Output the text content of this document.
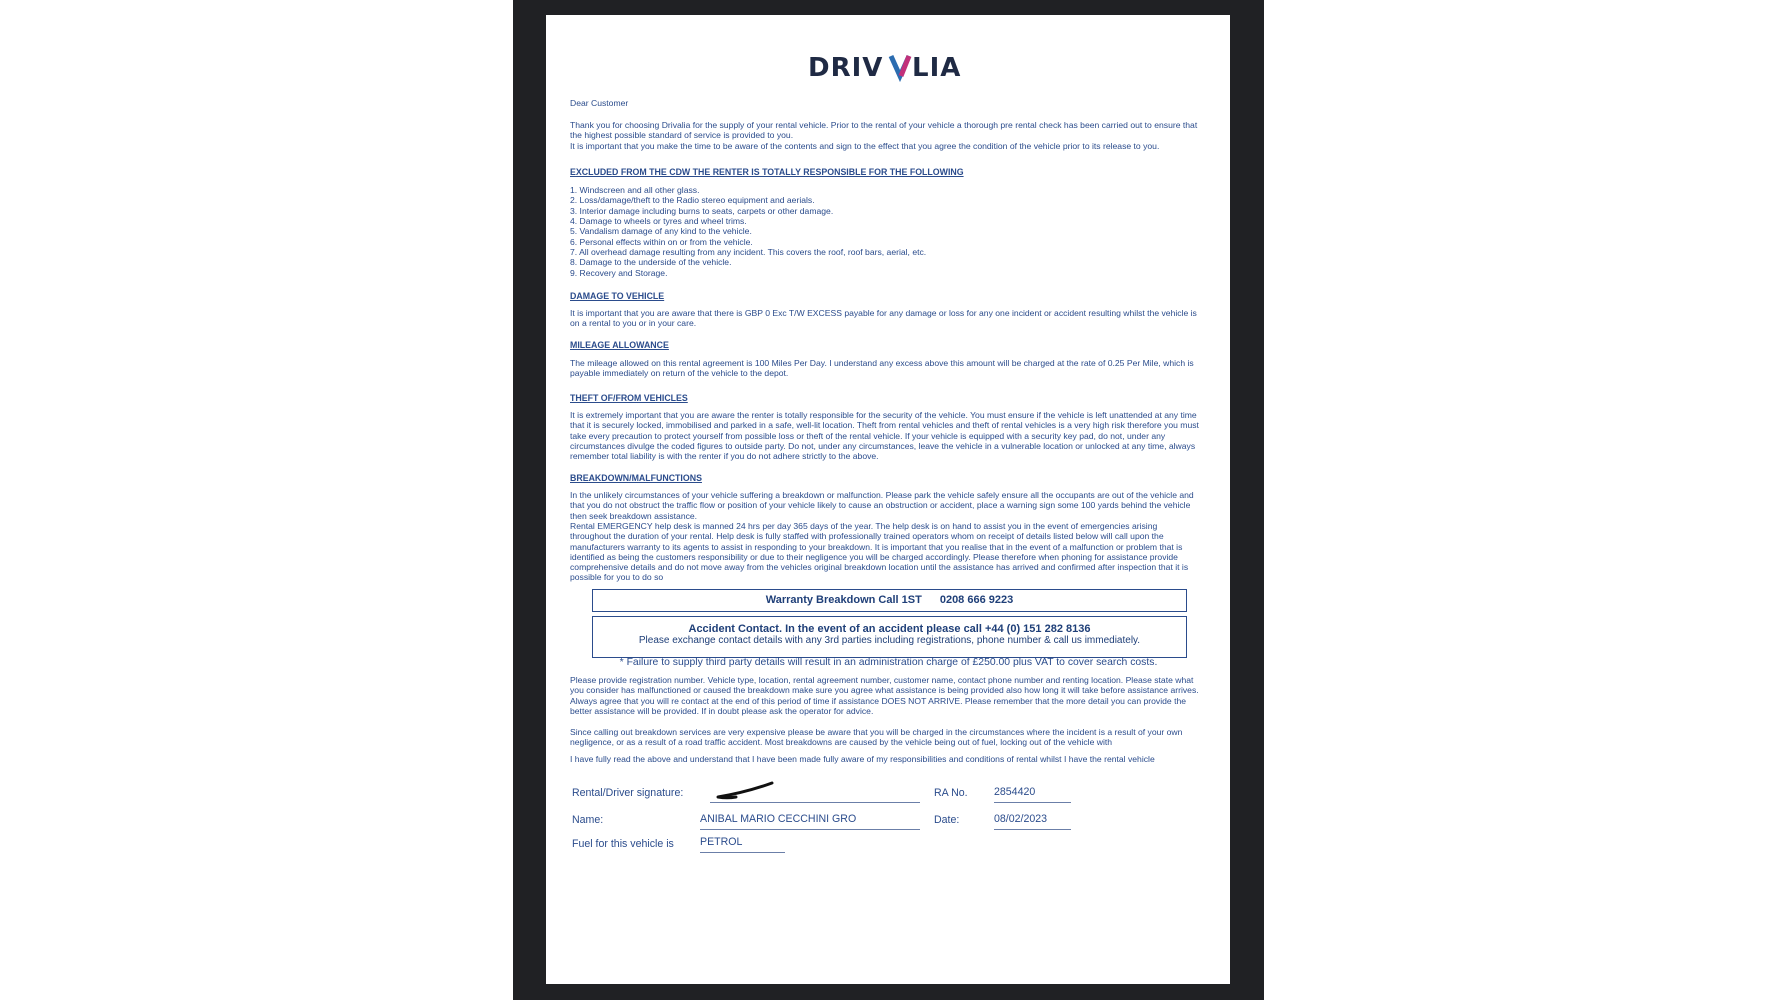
DRIV LIA

Dear Customer

Thank you for choosing Drivalia for the supply of your rental vehicle. Prior to the rental of your vehicle a thorough pre rental check has been carried out to ensure that the highest possible standard of service is provided to you.

It is important that you make the time to be aware of the contents and sign to the effect that you agree the condition of the vehicle prior to its release to you.

EXCLUDED FROM THE CDW THE RENTER IS TOTALLY RESPONSIBLE FOR THE FOLLOWING
1. Windscreen and all other glass.
2. Loss/damage/theft to the Radio stereo equipment and aerials.
3. Interior damage including burns to seats, carpets or other damage.
4. Damage to wheels or tyres and wheel trims.
5. Vandalism damage of any kind to the vehicle.
6. Personal effects within on or from the vehicle.
7. All overhead damage resulting from any incident. This covers the roof, roof bars, aerial, etc.
8. Damage to the underside of the vehicle.
9. Recovery and Storage.
DAMAGE TO VEHICLE

It is important that you are aware that there is GBP 0 Exc T/W EXCESS payable for any damage or loss for any one incident or accident resulting whilst the vehicle is on a rental to you or in your care.

MILEAGE ALLOWANCE

The mileage allowed on this rental agreement is 100 Miles Per Day. I understand any excess above this amount will be charged at the rate of 0.25 Per Mile, which is payable immediately on return of the vehicle to the depot.

THEFT OF/FROM VEHICLES

It is extremely important that you are aware the renter is totally responsible for the security of the vehicle. You must ensure if the vehicle is left unattended at any time that it is securely locked, immobilised and parked in a safe, well-lit location. Theft from rental vehicles and theft of rental vehicles is a very high risk therefore you must take every precaution to protect yourself from possible loss or theft of the rental vehicle. If your vehicle is equipped with a security key pad, do not, under any circumstances divulge the coded figures to outside party. Do not, under any circumstances, leave the vehicle in a vulnerable location or unlocked at any time, always remember total liability is with the renter if you do not adhere strictly to the above.

BREAKDOWN/MALFUNCTIONS

In the unlikely circumstances of your vehicle suffering a breakdown or malfunction. Please park the vehicle safely ensure all the occupants are out of the vehicle and that you do not obstruct the traffic flow or position of your vehicle likely to cause an obstruction or accident, place a warning sign some 100 yards behind the vehicle then seek breakdown assistance.

Rental EMERGENCY help desk is manned 24 hrs per day 365 days of the year. The help desk is on hand to assist you in the event of emergencies arising throughout the duration of your rental. Help desk is fully staffed with professionally trained operators whom on receipt of details listed below will call upon the manufacturers warranty to its agents to assist in responding to your breakdown. It is important that you realise that in the event of a malfunction or problem that is identified as being the customers responsibility or due to their negligence you will be charged accordingly. Please therefore when phoning for assistance provide comprehensive details and do not move away from the vehicles original breakdown location until the assistance has arrived and confirmed after inspection that it is possible for you to do so

Warranty Breakdown Call 1ST 0208 666 9223
Accident Contact. In the event of an accident please call +44 (0) 151 282 8136
Please exchange contact details with any 3rd parties including registrations, phone number & call us immediately.
* Failure to supply third party details will result in an administration charge of £250.00 plus VAT to cover search costs.

Please provide registration number. Vehicle type, location, rental agreement number, customer name, contact phone number and renting location. Please state what you consider has malfunctioned or caused the breakdown make sure you agree what assistance is being provided also how long it will take before assistance arrives. Always agree that you will re contact at the end of this period of time if assistance DOES NOT ARRIVE. Please remember that the more detail you can provide the better assistance will be provided. If in doubt please ask the operator for advice.

Since calling out breakdown services are very expensive please be aware that you will be charged in the circumstances where the incident is a result of your own negligence, or as a result of a road traffic accident. Most breakdowns are caused by the vehicle being out of fuel, locking out of the vehicle with

I have fully read the above and understand that I have been made fully aware of my responsibilities and conditions of rental whilst I have the rental vehicle

Rental/Driver signature:	RA No. 2854420
Name:	ANIBAL MARIO CECCHINI GRO	Date:	08/02/2023
Fuel for this vehicle is PETROL
